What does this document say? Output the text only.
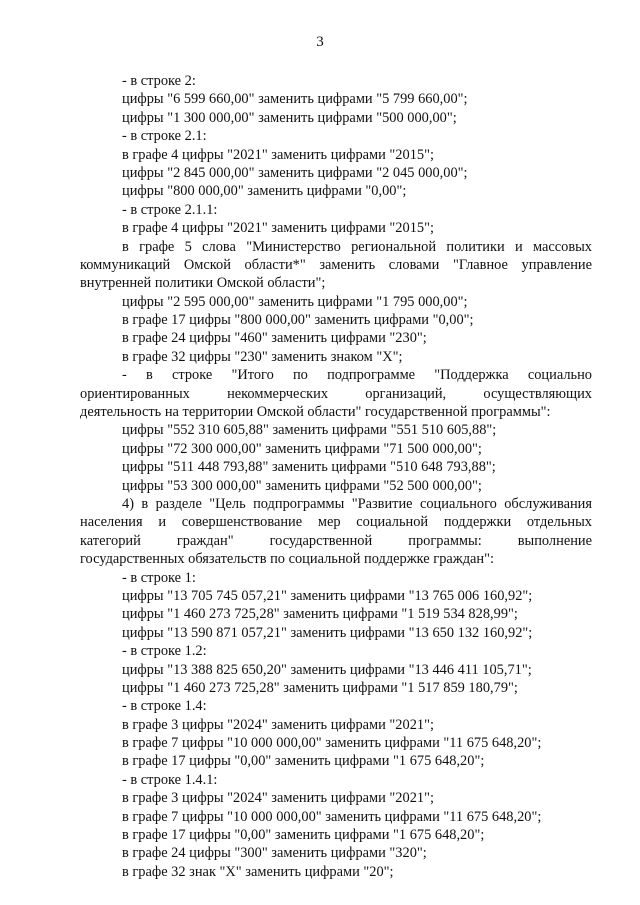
3
- в строке 2:
цифры "6 599 660,00" заменить цифрами "5 799 660,00";
цифры "1 300 000,00" заменить цифрами "500 000,00";
- в строке 2.1:
в графе 4 цифры "2021" заменить цифрами "2015";
цифры "2 845 000,00" заменить цифрами "2 045 000,00";
цифры "800 000,00" заменить цифрами "0,00";
- в строке 2.1.1:
в графе 4 цифры "2021" заменить цифрами "2015";
в графе 5 слова "Министерство региональной политики и массовых
коммуникаций Омской области*" заменить словами "Главное управление
внутренней политики Омской области";
цифры "2 595 000,00" заменить цифрами "1 795 000,00";
в графе 17 цифры "800 000,00" заменить цифрами "0,00";
в графе 24 цифры "460" заменить цифрами "230";
в графе 32 цифры "230" заменить знаком "Х";
- в строке "Итого по подпрограмме "Поддержка социально
ориентированных некоммерческих организаций, осуществляющих
деятельность на территории Омской области" государственной программы":
цифры "552 310 605,88" заменить цифрами "551 510 605,88";
цифры "72 300 000,00" заменить цифрами "71 500 000,00";
цифры "511 448 793,88" заменить цифрами "510 648 793,88";
цифры "53 300 000,00" заменить цифрами "52 500 000,00";
4) в разделе "Цель подпрограммы "Развитие социального обслуживания
населения и совершенствование мер социальной поддержки отдельных
категорий граждан" государственной программы: выполнение
государственных обязательств по социальной поддержке граждан":
- в строке 1:
цифры "13 705 745 057,21" заменить цифрами "13 765 006 160,92";
цифры "1 460 273 725,28" заменить цифрами "1 519 534 828,99";
цифры "13 590 871 057,21" заменить цифрами "13 650 132 160,92";
- в строке 1.2:
цифры "13 388 825 650,20" заменить цифрами "13 446 411 105,71";
цифры "1 460 273 725,28" заменить цифрами "1 517 859 180,79";
- в строке 1.4:
в графе 3 цифры "2024" заменить цифрами "2021";
в графе 7 цифры "10 000 000,00" заменить цифрами "11 675 648,20";
в графе 17 цифры "0,00" заменить цифрами "1 675 648,20";
- в строке 1.4.1:
в графе 3 цифры "2024" заменить цифрами "2021";
в графе 7 цифры "10 000 000,00" заменить цифрами "11 675 648,20";
в графе 17 цифры "0,00" заменить цифрами "1 675 648,20";
в графе 24 цифры "300" заменить цифрами "320";
в графе 32 знак "Х" заменить цифрами "20";
